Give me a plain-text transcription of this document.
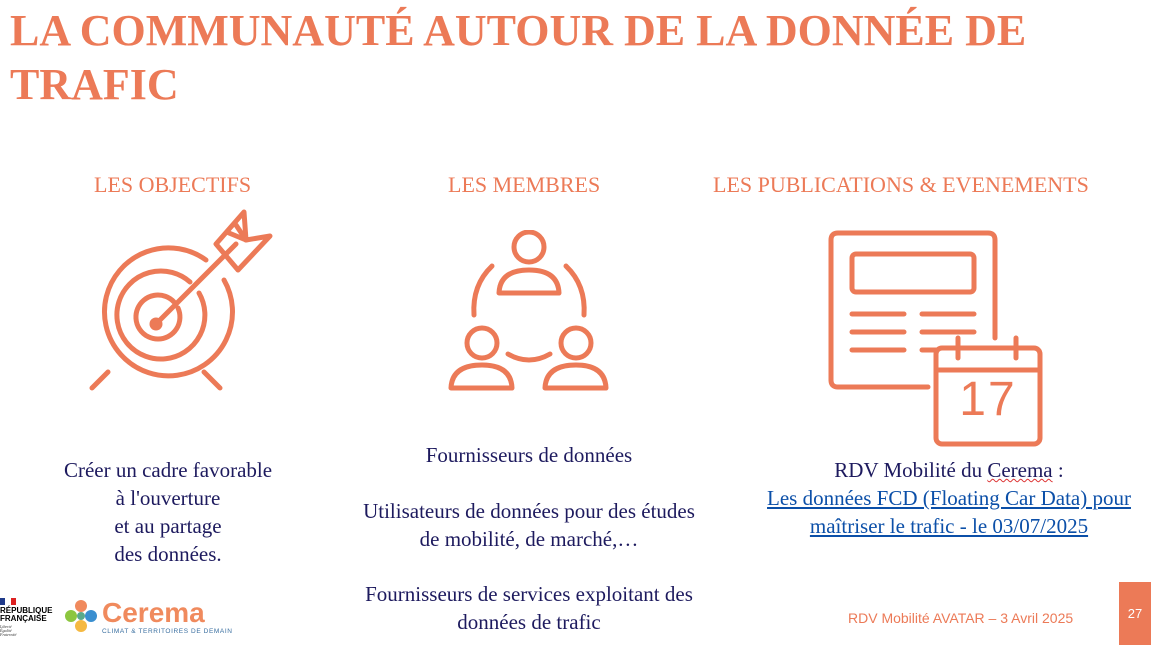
LA COMMUNAUTÉ AUTOUR DE LA DONNÉE DE TRAFIC
LES OBJECTIFS	LES MEMBRES	LES PUBLICATIONS & EVENEMENTS
17

Créer un cadre favorable

à l'ouverture

et au partage

des données.

Fournisseurs de données

Utilisateurs de données pour des études

de mobilité, de marché,…

Fournisseurs de services exploitant des

données de trafic

RDV Mobilité du Cerema :

Les données FCD (Floating Car Data) pour

maîtriser le trafic - le 03/07/2025

RÉPUBLIQUE
FRANÇAISE
Liberté
Égalité
Fraternité
Cerema
CLIMAT & TERRITOIRES DE DEMAIN
RDV Mobilité AVATAR – 3 Avril 2025	27
